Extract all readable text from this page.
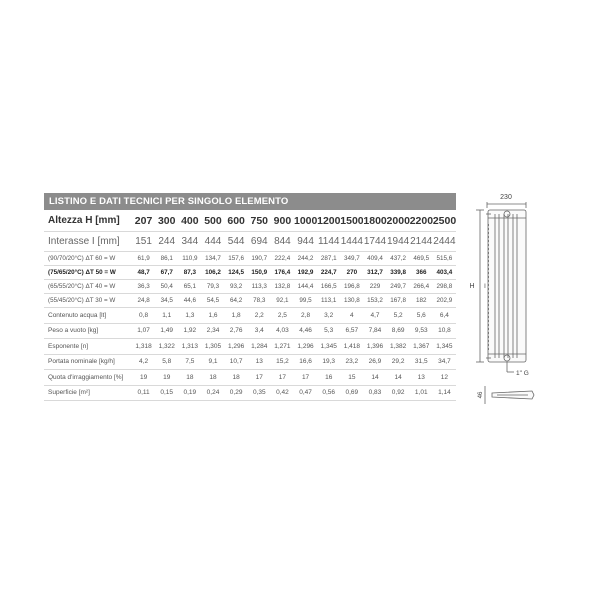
LISTINO E DATI TECNICI PER SINGOLO ELEMENTO
Altezza H [mm]	207	300	400	500	600	750	900	1000	1200	1500	1800	2000	2200	2500
Interasse I [mm]	151	244	344	444	544	694	844	944	1144	1444	1744	1944	2144	2444
(90/70/20°C) ΔT 60 = W	61,9	86,1	110,9	134,7	157,6	190,7	222,4	244,2	287,1	349,7	409,4	437,2	469,5	515,6
(75/65/20°C) ΔT 50 = W	48,7	67,7	87,3	106,2	124,5	150,9	176,4	192,9	224,7	270	312,7	339,8	366	403,4
(65/55/20°C) ΔT 40 = W	36,3	50,4	65,1	79,3	93,2	113,3	132,8	144,4	166,5	196,8	229	249,7	266,4	298,8
(55/45/20°C) ΔT 30 = W	24,8	34,5	44,6	54,5	64,2	78,3	92,1	99,5	113,1	130,8	153,2	167,8	182	202,9
Contenuto acqua [lt]	0,8	1,1	1,3	1,6	1,8	2,2	2,5	2,8	3,2	4	4,7	5,2	5,6	6,4
Peso a vuoto [kg]	1,07	1,49	1,92	2,34	2,76	3,4	4,03	4,46	5,3	6,57	7,84	8,69	9,53	10,8
Esponente [n]	1,318	1,322	1,313	1,305	1,296	1,284	1,271	1,296	1,345	1,418	1,396	1,382	1,367	1,345
Portata nominale [kg/h]	4,2	5,8	7,5	9,1	10,7	13	15,2	16,6	19,3	23,2	26,9	29,2	31,5	34,7
Quota d'irraggiamento [%]	19	19	18	18	18	17	17	17	16	15	14	14	13	12
Superficie [m²]	0,11	0,15	0,19	0,24	0,29	0,35	0,42	0,47	0,56	0,69	0,83	0,92	1,01	1,14
230
H I
1" G
46
